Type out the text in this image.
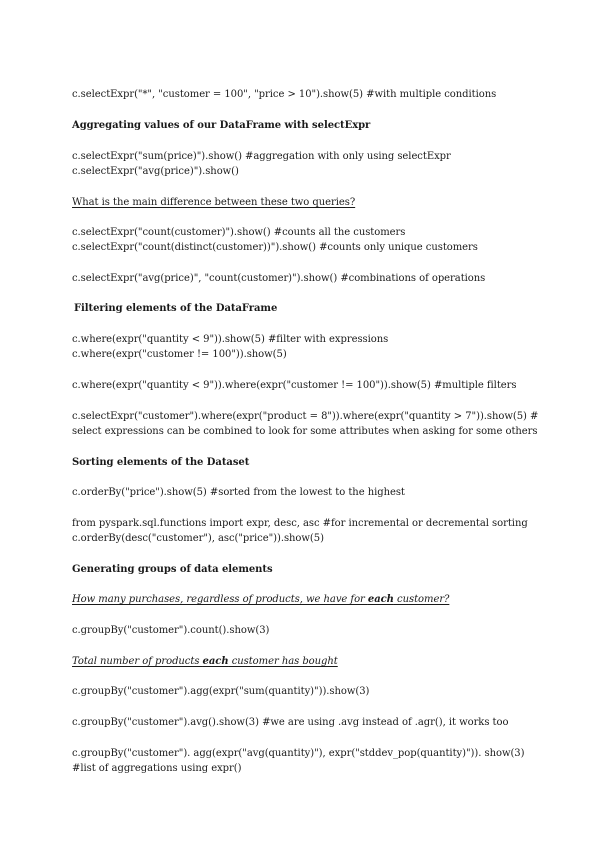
c.selectExpr("*", "customer = 100", "price > 10").show(5) #with multiple conditions
Aggregating values of our DataFrame with selectExpr
c.selectExpr("sum(price)").show() #aggregation with only using selectExpr
c.selectExpr("avg(price)").show()
What is the main difference between these two queries?
c.selectExpr("count(customer)").show() #counts all the customers
c.selectExpr("count(distinct(customer))").show() #counts only unique customers
c.selectExpr("avg(price)", "count(customer)").show() #combinations of operations
Filtering elements of the DataFrame
c.where(expr("quantity < 9")).show(5) #filter with expressions
c.where(expr("customer != 100")).show(5)
c.where(expr("quantity < 9")).where(expr("customer != 100")).show(5) #multiple filters
c.selectExpr("customer").where(expr("product = 8")).where(expr("quantity > 7")).show(5) #
select expressions can be combined to look for some attributes when asking for some others
Sorting elements of the Dataset
c.orderBy("price").show(5) #sorted from the lowest to the highest
from pyspark.sql.functions import expr, desc, asc #for incremental or decremental sorting
c.orderBy(desc("customer"), asc("price")).show(5)
Generating groups of data elements
How many purchases, regardless of products, we have for each customer?
c.groupBy("customer").count().show(3)
Total number of products each customer has bought
c.groupBy("customer").agg(expr("sum(quantity)")).show(3)
c.groupBy("customer").avg().show(3) #we are using .avg instead of .agr(), it works too
c.groupBy("customer"). agg(expr("avg(quantity)"), expr("stddev_pop(quantity)")). show(3)
#list of aggregations using expr()
